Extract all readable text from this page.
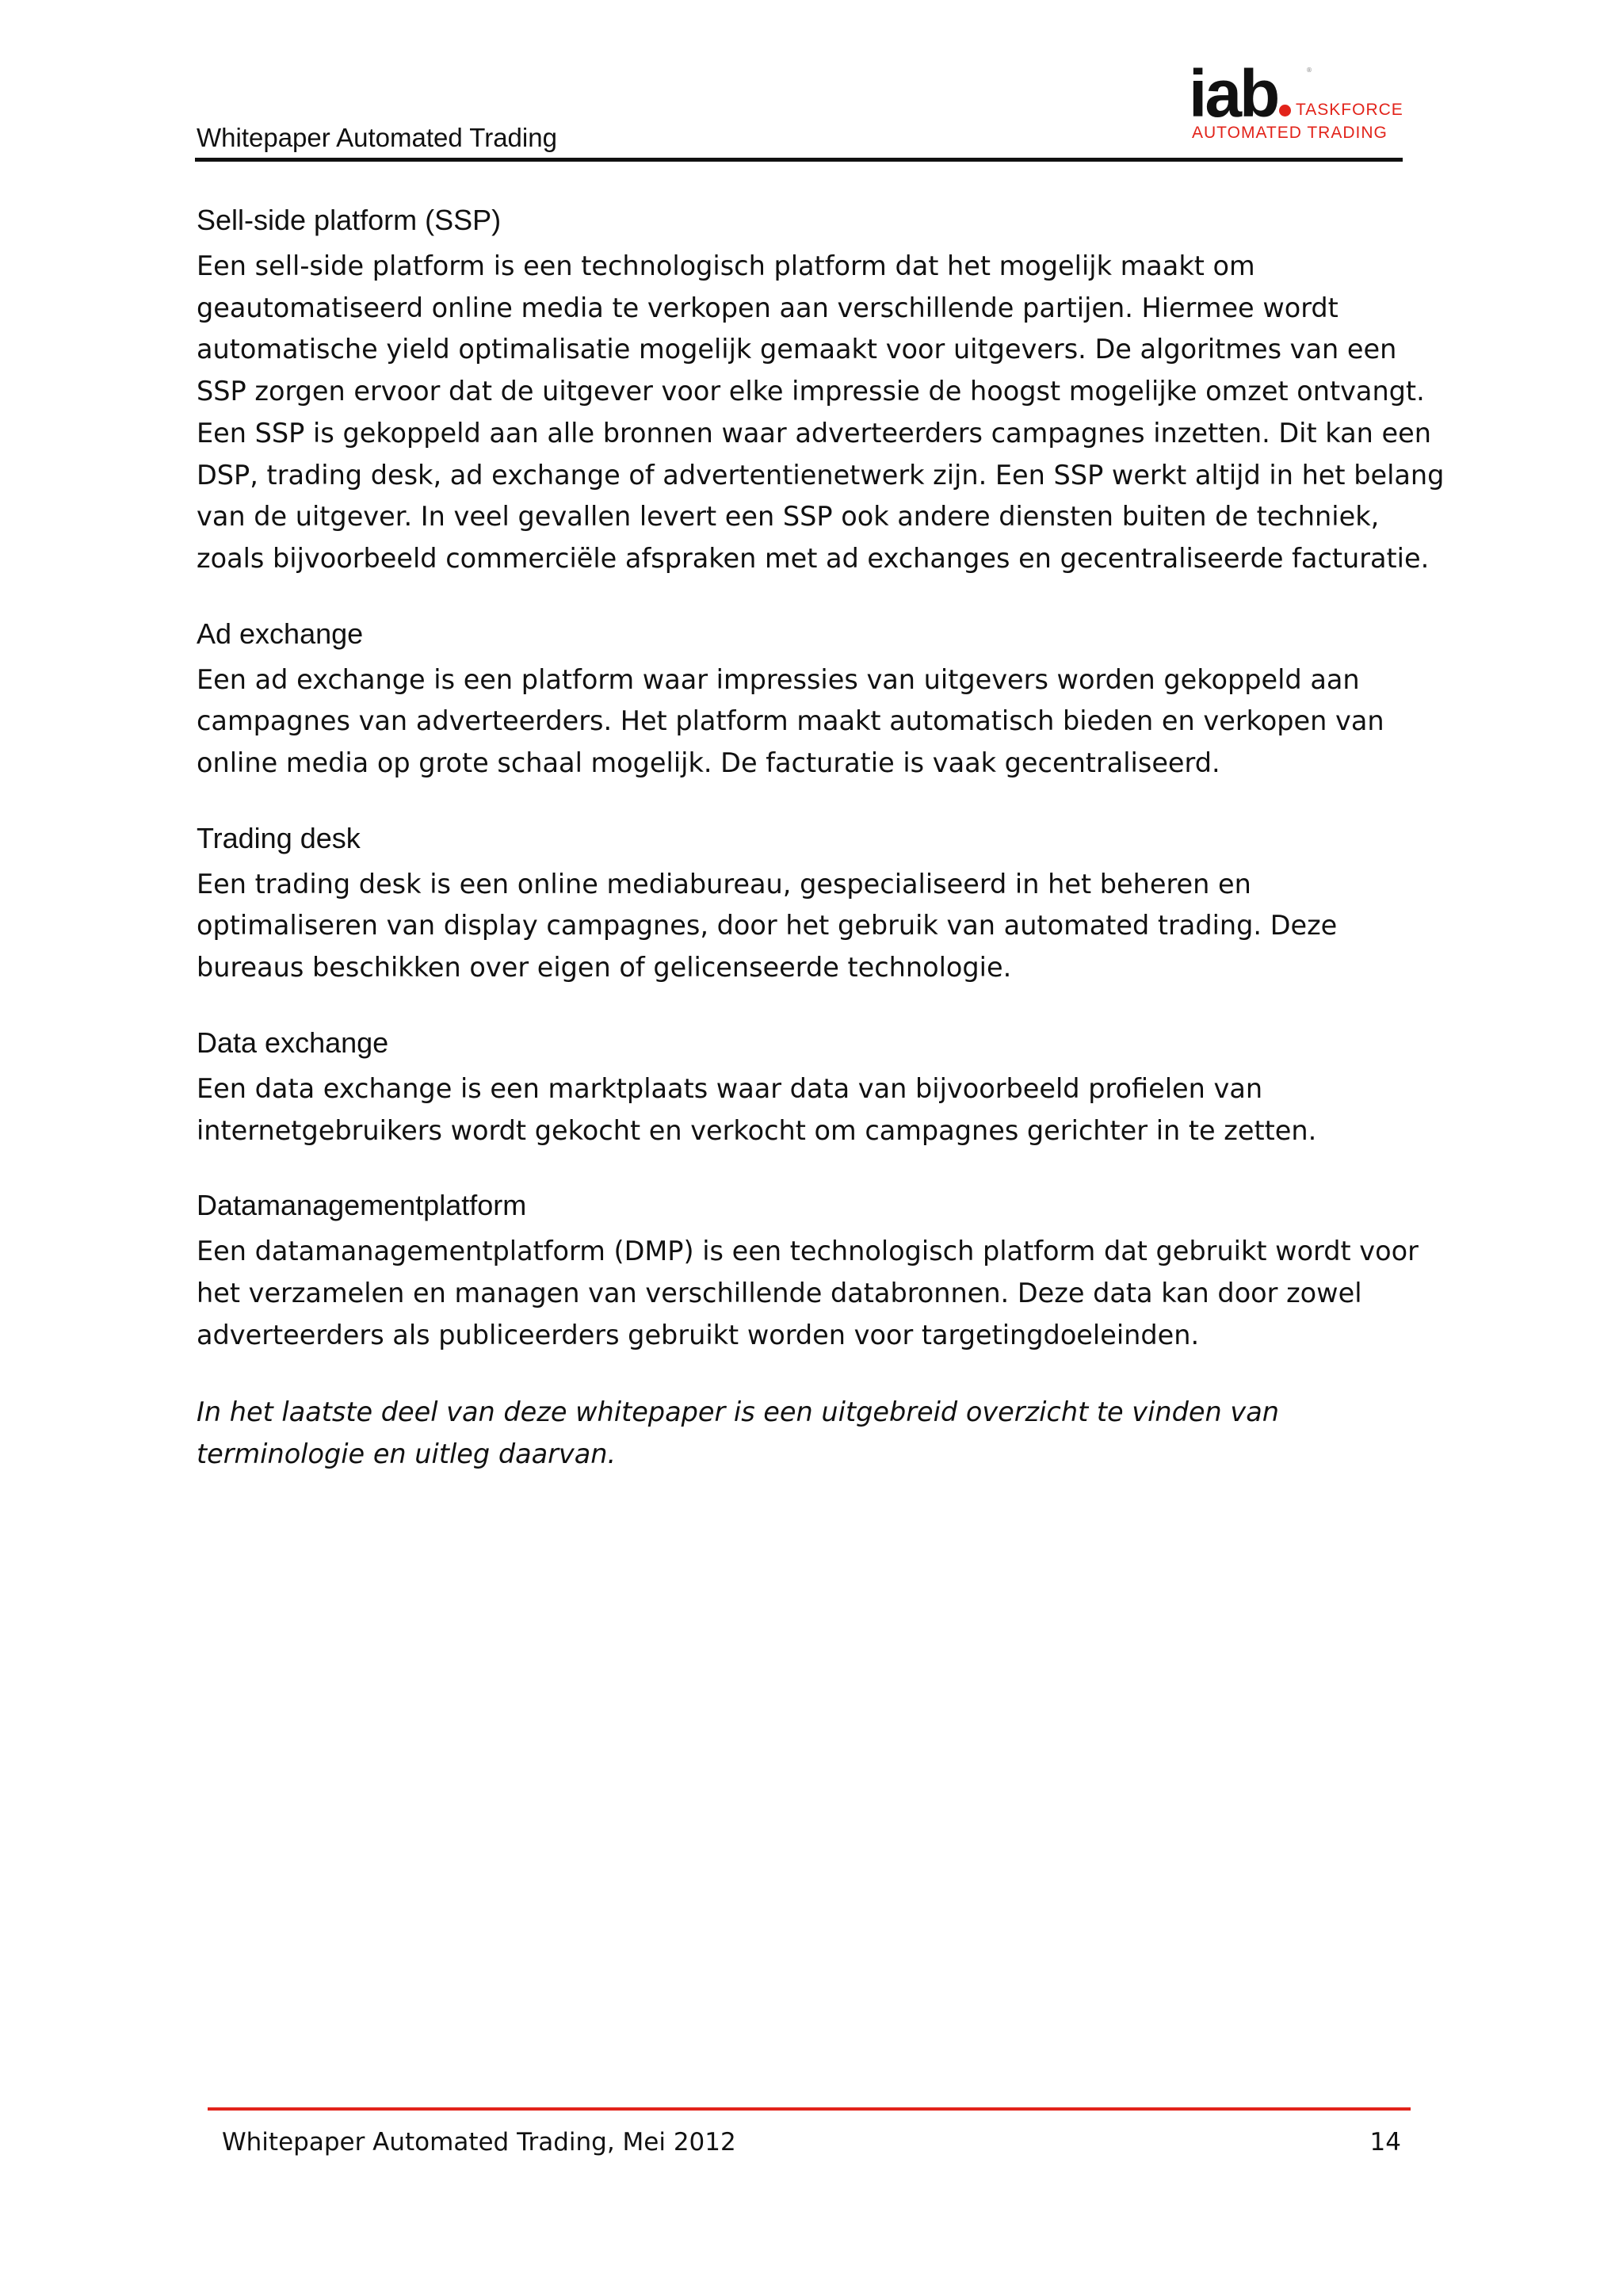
Whitepaper Automated Trading
iab	®
TASKFORCE
AUTOMATED TRADING
Sell-side platform (SSP)
Een sell-side platform is een technologisch platform dat het mogelijk maakt om
geautomatiseerd online media te verkopen aan verschillende partijen. Hiermee wordt
automatische yield optimalisatie mogelijk gemaakt voor uitgevers. De algoritmes van een
SSP zorgen ervoor dat de uitgever voor elke impressie de hoogst mogelijke omzet ontvangt.
Een SSP is gekoppeld aan alle bronnen waar adverteerders campagnes inzetten. Dit kan een
DSP, trading desk, ad exchange of advertentienetwerk zijn. Een SSP werkt altijd in het belang
van de uitgever. In veel gevallen levert een SSP ook andere diensten buiten de techniek,
zoals bijvoorbeeld commerciële afspraken met ad exchanges en gecentraliseerde facturatie.
Ad exchange
Een ad exchange is een platform waar impressies van uitgevers worden gekoppeld aan
campagnes van adverteerders. Het platform maakt automatisch bieden en verkopen van
online media op grote schaal mogelijk. De facturatie is vaak gecentraliseerd.
Trading desk
Een trading desk is een online mediabureau, gespecialiseerd in het beheren en
optimaliseren van display campagnes, door het gebruik van automated trading. Deze
bureaus beschikken over eigen of gelicenseerde technologie.
Data exchange
Een data exchange is een marktplaats waar data van bijvoorbeeld profielen van
internetgebruikers wordt gekocht en verkocht om campagnes gerichter in te zetten.
Datamanagementplatform
Een datamanagementplatform (DMP) is een technologisch platform dat gebruikt wordt voor
het verzamelen en managen van verschillende databronnen. Deze data kan door zowel
adverteerders als publiceerders gebruikt worden voor targetingdoeleinden.
In het laatste deel van deze whitepaper is een uitgebreid overzicht te vinden van
terminologie en uitleg daarvan.
Whitepaper Automated Trading, Mei 2012	14
